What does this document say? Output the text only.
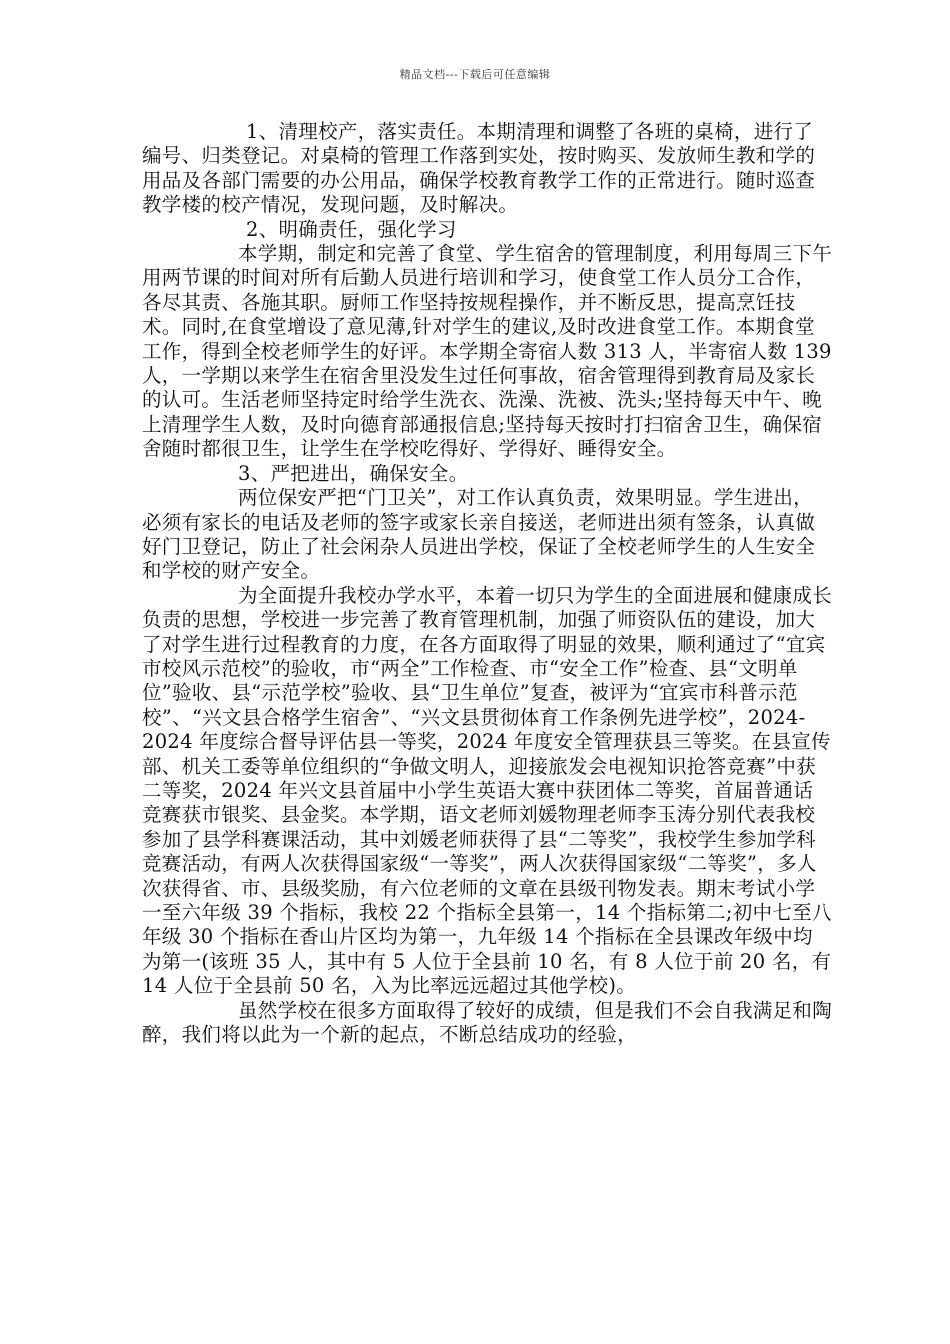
精品文档---下载后可任意编辑

1、清理校产，落实责任。本期清理和调整了各班的桌椅，进行了编号、归类登记。对桌椅的管理工作落到实处，按时购买、发放师生教和学的用品及各部门需要的办公用品，确保学校教育教学工作的正常进行。随时巡查教学楼的校产情况，发现问题，及时解决。

2、明确责任，强化学习

本学期，制定和完善了食堂、学生宿舍的管理制度，利用每周三下午用两节课的时间对所有后勤人员进行培训和学习，使食堂工作人员分工合作，各尽其责、各施其职。厨师工作坚持按规程操作，并不断反思，提高烹饪技术。同时,在食堂增设了意见薄,针对学生的建议,及时改进食堂工作。本期食堂工作，得到全校老师学生的好评。本学期全寄宿人数 313 人，半寄宿人数 139 人，一学期以来学生在宿舍里没发生过任何事故，宿舍管理得到教育局及家长的认可。生活老师坚持定时给学生洗衣、洗澡、洗被、洗头;坚持每天中午、晚上清理学生人数，及时向德育部通报信息;坚持每天按时打扫宿舍卫生，确保宿舍随时都很卫生，让学生在学校吃得好、学得好、睡得安全。

3、严把进出，确保安全。

两位保安严把“门卫关”，对工作认真负责，效果明显。学生进出，必须有家长的电话及老师的签字或家长亲自接送，老师进出须有签条，认真做好门卫登记，防止了社会闲杂人员进出学校，保证了全校老师学生的人生安全和学校的财产安全。

为全面提升我校办学水平，本着一切只为学生的全面进展和健康成长负责的思想，学校进一步完善了教育管理机制，加强了师资队伍的建设，加大了对学生进行过程教育的力度，在各方面取得了明显的效果，顺利通过了“宜宾市校风示范校”的验收，市“两全”工作检查、市“安全工作”检查、县“文明单位”验收、县“示范学校”验收、县“卫生单位”复查，被评为“宜宾市科普示范校”、“兴文县合格学生宿舍”、“兴文县贯彻体育工作条例先进学校”，2024-2024 年度综合督导评估县一等奖，2024 年度安全管理获县三等奖。在县宣传部、机关工委等单位组织的“争做文明人，迎接旅发会电视知识抢答竞赛”中获二等奖，2024 年兴文县首届中小学生英语大赛中获团体二等奖，首届普通话竞赛获市银奖、县金奖。本学期，语文老师刘媛物理老师李玉涛分别代表我校参加了县学科赛课活动，其中刘媛老师获得了县“二等奖”，我校学生参加学科竞赛活动，有两人次获得国家级“一等奖”，两人次获得国家级“二等奖”，多人次获得省、市、县级奖励，有六位老师的文章在县级刊物发表。期末考试小学一至六年级 39 个指标，我校 22 个指标全县第一，14 个指标第二;初中七至八年级 30 个指标在香山片区均为第一，九年级 14 个指标在全县课改年级中均为第一(该班 35 人，其中有 5 人位于全县前 10 名，有 8 人位于前 20 名，有 14 人位于全县前 50 名，入为比率远远超过其他学校)。

虽然学校在很多方面取得了较好的成绩，但是我们不会自我满足和陶醉，我们将以此为一个新的起点，不断总结成功的经验，
